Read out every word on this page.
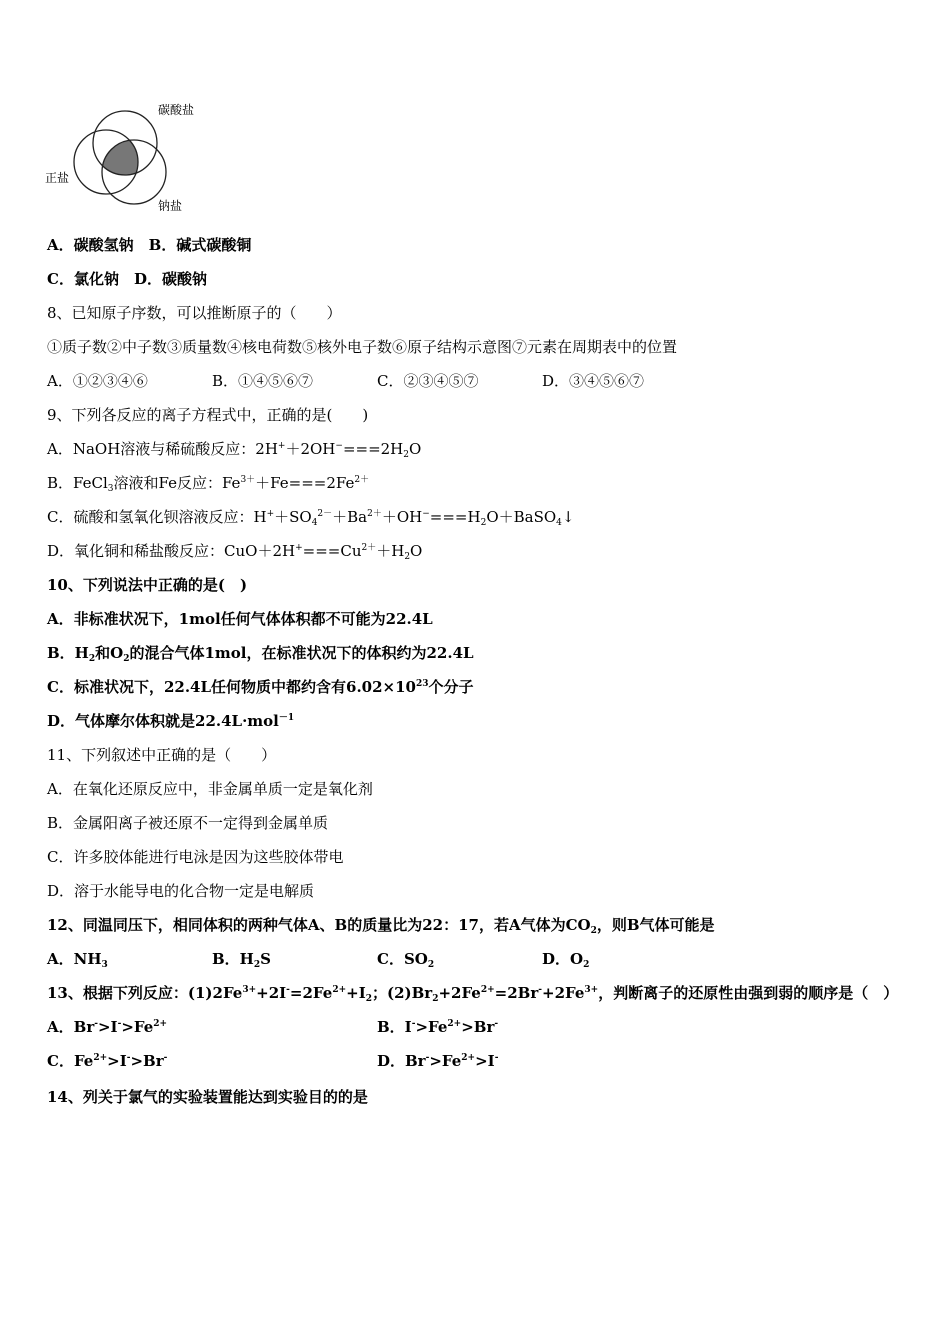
碳酸盐
正盐
钠盐
A．碳酸氢钠　B．碱式碳酸铜
C．氯化钠　D．碳酸钠
8、已知原子序数，可以推断原子的（　　）
①质子数②中子数③质量数④核电荷数⑤核外电子数⑥原子结构示意图⑦元素在周期表中的位置
A．①②③④⑥	B．①④⑤⑥⑦	C．②③④⑤⑦	D．③④⑤⑥⑦
9、下列各反应的离子方程式中，正确的是(　　)
A．NaOH溶液与稀硫酸反应：$2H^++2OH^-===2H_2O$
B．FeCl$_3$溶液和Fe反应：$Fe^{3+}+Fe===2Fe^{2+}$
C．硫酸和氢氧化钡溶液反应：$H^++SO_4^{2-}+Ba^{2+}+OH^-===H_2O+BaSO_4↓$
D．氧化铜和稀盐酸反应：$CuO+2H^+===Cu^{2+}+H_2O$
10、下列说法中正确的是(　)
A．非标准状况下，1mol任何气体体积都不可能为22.4L
B．$H_2$和$O_2$的混合气体1mol，在标准状况下的体积约为22.4L
C．标准状况下，22.4L任何物质中都约含有$6.02\times 10^{23}$个分子
D．气体摩尔体积就是22.4L·mol$^{-1}$
11、下列叙述中正确的是（　　）
A．在氧化还原反应中，非金属单质一定是氧化剂
B．金属阳离子被还原不一定得到金属单质
C．许多胶体能进行电泳是因为这些胶体带电
D．溶于水能导电的化合物一定是电解质
12、同温同压下，相同体积的两种气体A、B的质量比为22：17，若A气体为$CO_2$，则B气体可能是
A．$NH_3$	B．$H_2S$	C．$SO_2$	D．$O_2$
13、根据下列反应：$(1)2Fe^{3+}+2I^-=2Fe^{2+}+I_2$；$(2)Br_2+2Fe^{2+}=2Br^-+2Fe^{3+}$，判断离子的还原性由强到弱的顺序是（　）
A．$Br^->I^->Fe^{2+}$	B．$I^->Fe^{2+}>Br^-$
C．$Fe^{2+}>I^->Br^-$	D．$Br^->Fe^{2+}>I^-$
14、列关于氯气的实验装置能达到实验目的的是
